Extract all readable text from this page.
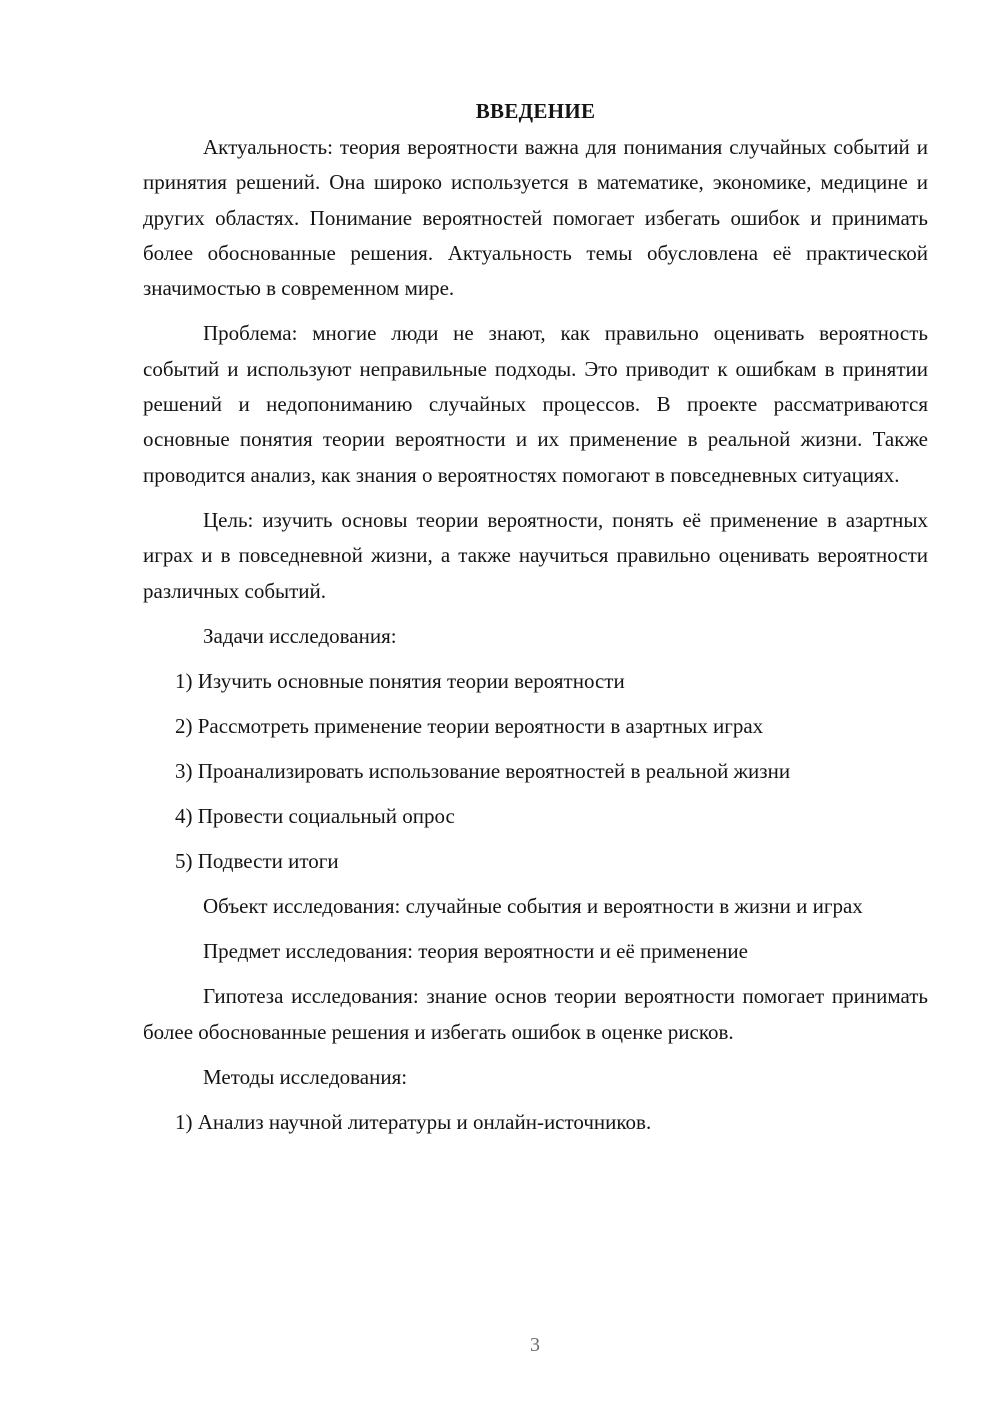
ВВЕДЕНИЕ

Актуальность: теория вероятности важна для понимания случайных событий и принятия решений. Она широко используется в математике, экономике, медицине и других областях. Понимание вероятностей помогает избегать ошибок и принимать более обоснованные решения. Актуальность темы обусловлена её практической значимостью в современном мире.

Проблема: многие люди не знают, как правильно оценивать вероятность событий и используют неправильные подходы. Это приводит к ошибкам в принятии решений и недопониманию случайных процессов. В проекте рассматриваются основные понятия теории вероятности и их применение в реальной жизни. Также проводится анализ, как знания о вероятностях помогают в повседневных ситуациях.

Цель: изучить основы теории вероятности, понять её применение в азартных играх и в повседневной жизни, а также научиться правильно оценивать вероятности различных событий.

Задачи исследования:

1) Изучить основные понятия теории вероятности
2) Рассмотреть применение теории вероятности в азартных играх
3) Проанализировать использование вероятностей в реальной жизни
4) Провести социальный опрос
5) Подвести итоги

Объект исследования: случайные события и вероятности в жизни и играх

Предмет исследования: теория вероятности и её применение

Гипотеза исследования: знание основ теории вероятности помогает принимать более обоснованные решения и избегать ошибок в оценке рисков.

Методы исследования:

1) Анализ научной литературы и онлайн-источников.
3
